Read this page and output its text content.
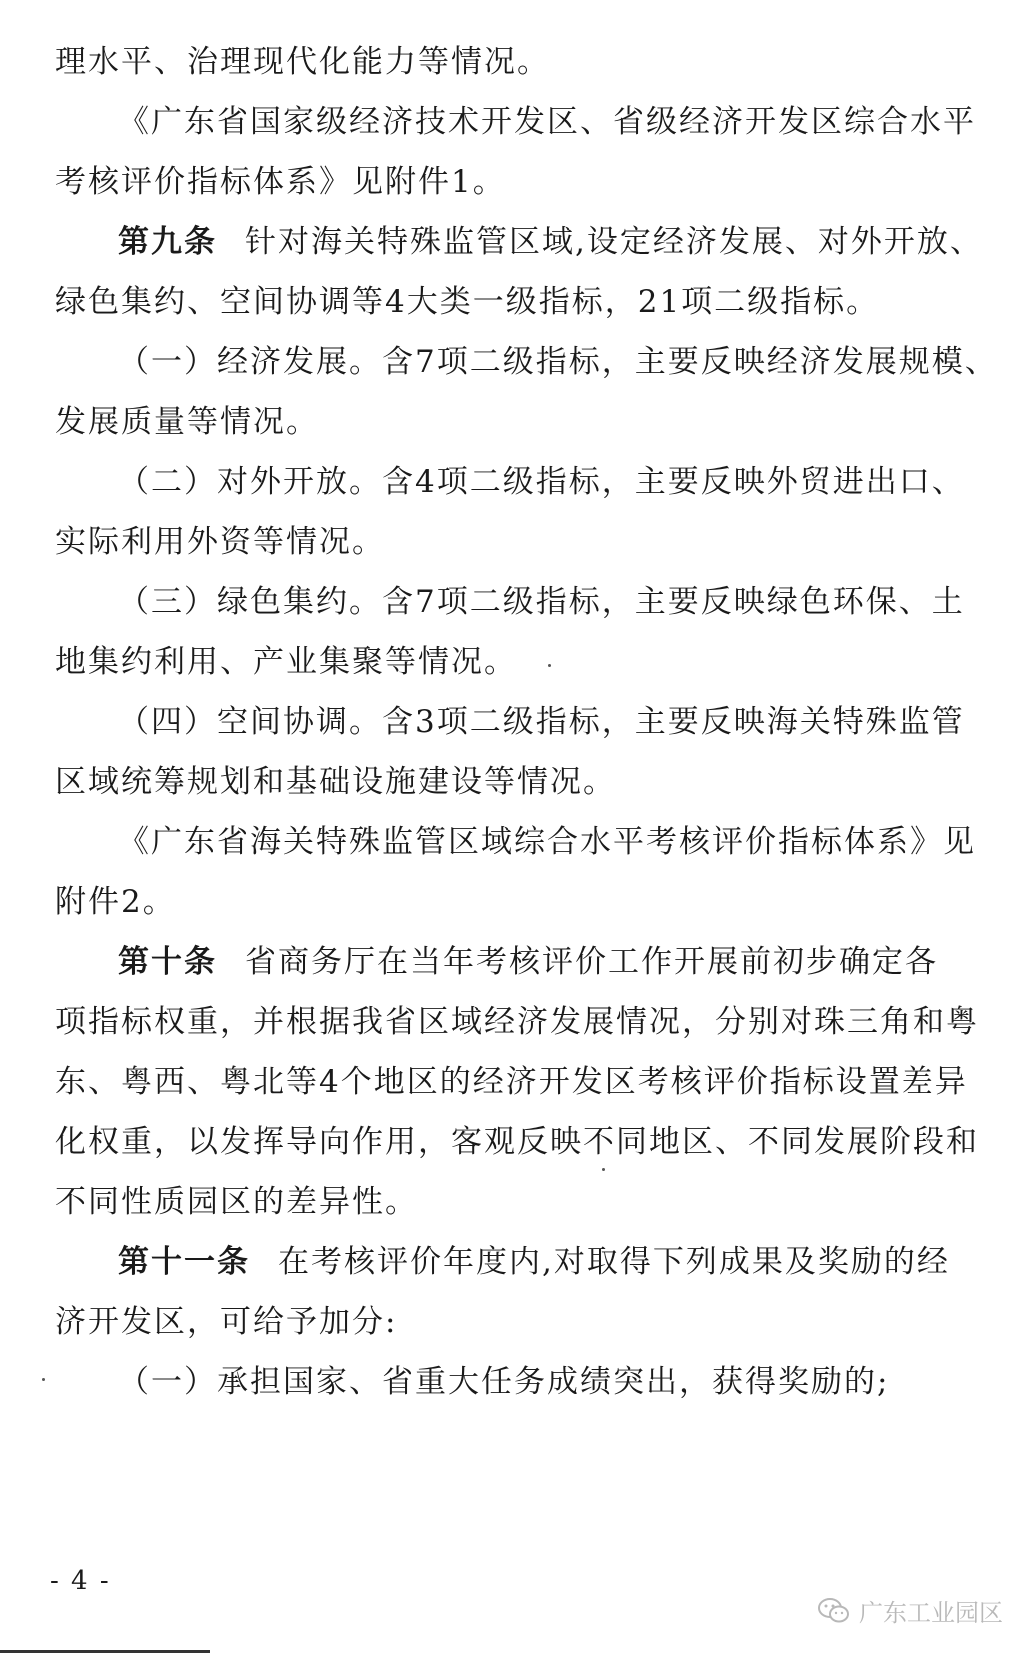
理水平、治理现代化能力等情况。
《广东省国家级经济技术开发区、省级经济开发区综合水平
考核评价指标体系》见附件1。
第九条 针对海关特殊监管区域,设定经济发展、对外开放、
绿色集约、空间协调等4大类一级指标，21项二级指标。
（一）经济发展。含7项二级指标，主要反映经济发展规模、
发展质量等情况。
（二）对外开放。含4项二级指标，主要反映外贸进出口、
实际利用外资等情况。
（三）绿色集约。含7项二级指标，主要反映绿色环保、土
地集约利用、产业集聚等情况。
（四）空间协调。含3项二级指标，主要反映海关特殊监管
区域统筹规划和基础设施建设等情况。
《广东省海关特殊监管区域综合水平考核评价指标体系》见
附件2。
第十条 省商务厅在当年考核评价工作开展前初步确定各
项指标权重，并根据我省区域经济发展情况，分别对珠三角和粤
东、粤西、粤北等4个地区的经济开发区考核评价指标设置差异
化权重，以发挥导向作用，客观反映不同地区、不同发展阶段和
不同性质园区的差异性。
第十一条 在考核评价年度内,对取得下列成果及奖励的经
济开发区，可给予加分:
（一）承担国家、省重大任务成绩突出，获得奖励的;
- 4 -
广东工业园区
